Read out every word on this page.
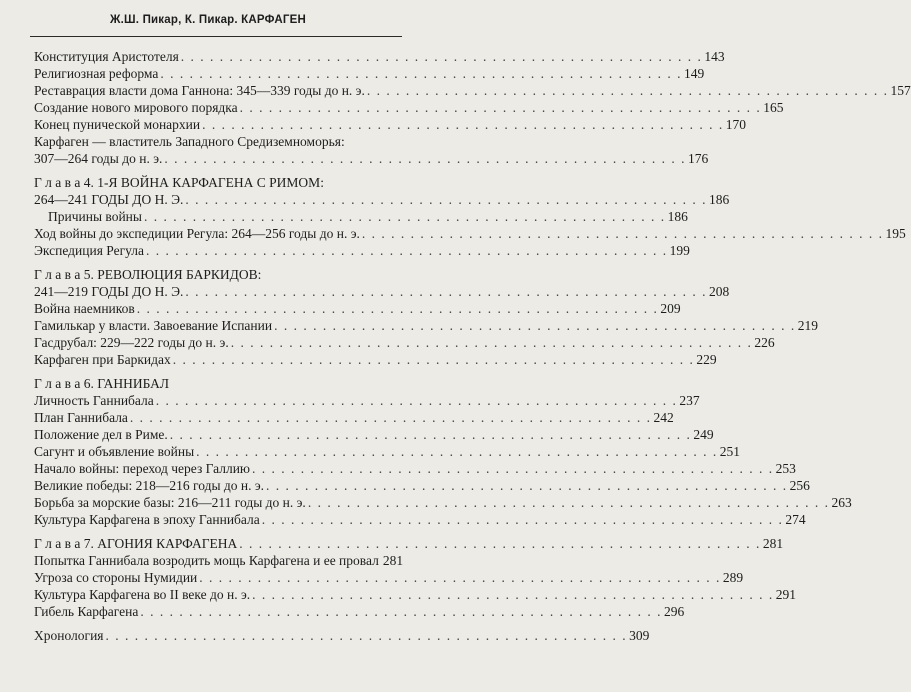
Ж.Ш. Пикар, К. Пикар. КАРФАГЕН
Конституция Аристотеля . . . . . . . . . . . . . . . . . . . . . . . . . . . . . . . . . . . . . . . . . . . . . . . . . . . . . . 143
Религиозная реформа . . . . . . . . . . . . . . . . . . . . . . . . . . . . . . . . . . . . . . . . . . . . . . . . . . . . . . 149
Реставрация власти дома Ганнона: 345—339 годы до н. э. . . . . . . . . . . . . . . . . . . . . . . . . . . . . . . . . . . . . . . . . . . . . . . . . . . . . . . 157
Создание нового мирового порядка . . . . . . . . . . . . . . . . . . . . . . . . . . . . . . . . . . . . . . . . . . . . . . . . . . . . . . 165
Конец пунической монархии . . . . . . . . . . . . . . . . . . . . . . . . . . . . . . . . . . . . . . . . . . . . . . . . . . . . . . 170
Карфаген — властитель Западного Средиземноморья:
307—264 годы до н. э. . . . . . . . . . . . . . . . . . . . . . . . . . . . . . . . . . . . . . . . . . . . . . . . . . . . . . . 176
Г л а в а 4. 1-Я ВОЙНА КАРФАГЕНА С РИМОМ:
264—241 ГОДЫ ДО Н. Э. . . . . . . . . . . . . . . . . . . . . . . . . . . . . . . . . . . . . . . . . . . . . . . . . . . . . . . 186
Причины войны . . . . . . . . . . . . . . . . . . . . . . . . . . . . . . . . . . . . . . . . . . . . . . . . . . . . . . 186
Ход войны до экспедиции Регула: 264—256 годы до н. э. . . . . . . . . . . . . . . . . . . . . . . . . . . . . . . . . . . . . . . . . . . . . . . . . . . . . . . 195
Экспедиция Регула . . . . . . . . . . . . . . . . . . . . . . . . . . . . . . . . . . . . . . . . . . . . . . . . . . . . . . 199
Г л а в а 5. РЕВОЛЮЦИЯ БАРКИДОВ:
241—219 ГОДЫ ДО Н. Э. . . . . . . . . . . . . . . . . . . . . . . . . . . . . . . . . . . . . . . . . . . . . . . . . . . . . . . 208
Война наемников . . . . . . . . . . . . . . . . . . . . . . . . . . . . . . . . . . . . . . . . . . . . . . . . . . . . . . 209
Гамилькар у власти. Завоевание Испании . . . . . . . . . . . . . . . . . . . . . . . . . . . . . . . . . . . . . . . . . . . . . . . . . . . . . . 219
Гасдрубал: 229—222 годы до н. э. . . . . . . . . . . . . . . . . . . . . . . . . . . . . . . . . . . . . . . . . . . . . . . . . . . . . . . 226
Карфаген при Баркидах . . . . . . . . . . . . . . . . . . . . . . . . . . . . . . . . . . . . . . . . . . . . . . . . . . . . . . 229
Г л а в а 6. ГАННИБАЛ
Личность Ганнибала . . . . . . . . . . . . . . . . . . . . . . . . . . . . . . . . . . . . . . . . . . . . . . . . . . . . . . 237
План Ганнибала . . . . . . . . . . . . . . . . . . . . . . . . . . . . . . . . . . . . . . . . . . . . . . . . . . . . . . 242
Положение дел в Риме. . . . . . . . . . . . . . . . . . . . . . . . . . . . . . . . . . . . . . . . . . . . . . . . . . . . . . . 249
Сагунт и объявление войны . . . . . . . . . . . . . . . . . . . . . . . . . . . . . . . . . . . . . . . . . . . . . . . . . . . . . . 251
Начало войны: переход через Галлию . . . . . . . . . . . . . . . . . . . . . . . . . . . . . . . . . . . . . . . . . . . . . . . . . . . . . . 253
Великие победы: 218—216 годы до н. э. . . . . . . . . . . . . . . . . . . . . . . . . . . . . . . . . . . . . . . . . . . . . . . . . . . . . . . 256
Борьба за морские базы: 216—211 годы до н. э. . . . . . . . . . . . . . . . . . . . . . . . . . . . . . . . . . . . . . . . . . . . . . . . . . . . . . . 263
Культура Карфагена в эпоху Ганнибала . . . . . . . . . . . . . . . . . . . . . . . . . . . . . . . . . . . . . . . . . . . . . . . . . . . . . . 274
Г л а в а 7. АГОНИЯ КАРФАГЕНА . . . . . . . . . . . . . . . . . . . . . . . . . . . . . . . . . . . . . . . . . . . . . . . . . . . . . . 281
Попытка Ганнибала возродить мощь Карфагена и ее провал 281
Угроза со стороны Нумидии . . . . . . . . . . . . . . . . . . . . . . . . . . . . . . . . . . . . . . . . . . . . . . . . . . . . . . 289
Культура Карфагена во II веке до н. э. . . . . . . . . . . . . . . . . . . . . . . . . . . . . . . . . . . . . . . . . . . . . . . . . . . . . . . 291
Гибель Карфагена . . . . . . . . . . . . . . . . . . . . . . . . . . . . . . . . . . . . . . . . . . . . . . . . . . . . . . 296
Хронология . . . . . . . . . . . . . . . . . . . . . . . . . . . . . . . . . . . . . . . . . . . . . . . . . . . . . . 309
